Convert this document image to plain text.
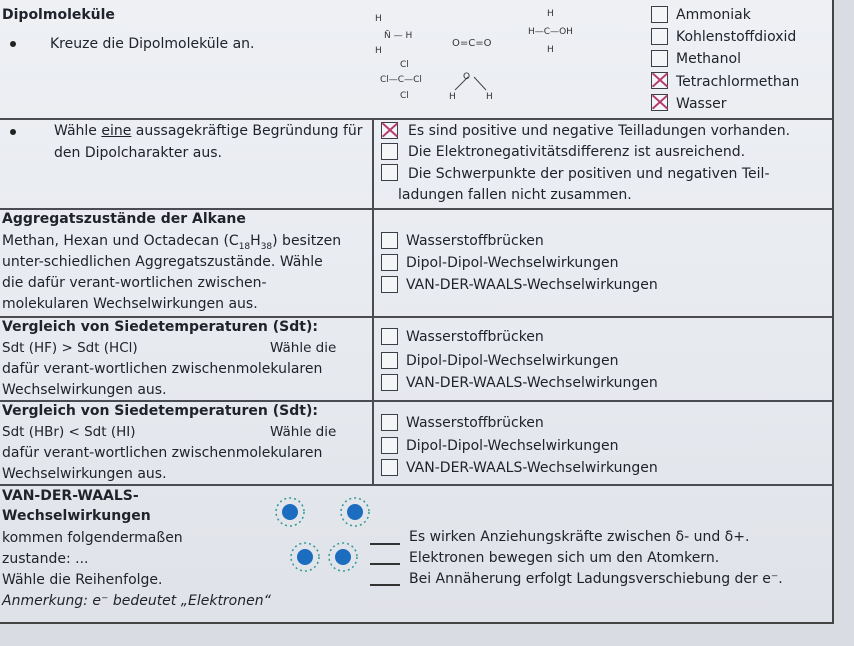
Dipolmoleküle
Kreuze die Dipolmoleküle an.
H
N̄ — H
H
O=C=O
H
H—C—OH
H
Cl
Cl—C—Cl
Cl
O
H	H
Ammoniak
Kohlenstoffdioxid
Methanol
Tetrachlormethan
Wasser
Wähle eine aussagekräftige Begründung für
den Dipolcharakter aus.
Es sind positive und negative Teilladungen vorhanden.
Die Elektronegativitätsdifferenz ist ausreichend.
Die Schwerpunkte der positiven und negativen Teil-
ladungen fallen nicht zusammen.
Aggregatszustände der Alkane
Methan, Hexan und Octadecan $(C_{18}H_{38})$ besitzen
unter-schiedlichen Aggregatszustände. Wähle
die dafür verant-wortlichen zwischen-
molekularen Wechselwirkungen aus.
Wasserstoffbrücken
Dipol-Dipol-Wechselwirkungen
VAN-DER-WAALS-Wechselwirkungen
Vergleich von Siedetemperaturen (Sdt):
Sdt (HF) > Sdt (HCl)	Wähle die
dafür verant-wortlichen zwischenmolekularen
Wechselwirkungen aus.
Wasserstoffbrücken
Dipol-Dipol-Wechselwirkungen
VAN-DER-WAALS-Wechselwirkungen
Vergleich von Siedetemperaturen (Sdt):
Sdt (HBr) < Sdt (HI)	Wähle die
dafür verant-wortlichen zwischenmolekularen
Wechselwirkungen aus.
Wasserstoffbrücken
Dipol-Dipol-Wechselwirkungen
VAN-DER-WAALS-Wechselwirkungen
VAN-DER-WAALS-
Wechselwirkungen
kommen folgendermaßen
zustande: ...
Wähle die Reihenfolge.
Anmerkung: e⁻ bedeutet „Elektronen“
Es wirken Anziehungskräfte zwischen δ- und δ+.
Elektronen bewegen sich um den Atomkern.
Bei Annäherung erfolgt Ladungsverschiebung der e⁻.
